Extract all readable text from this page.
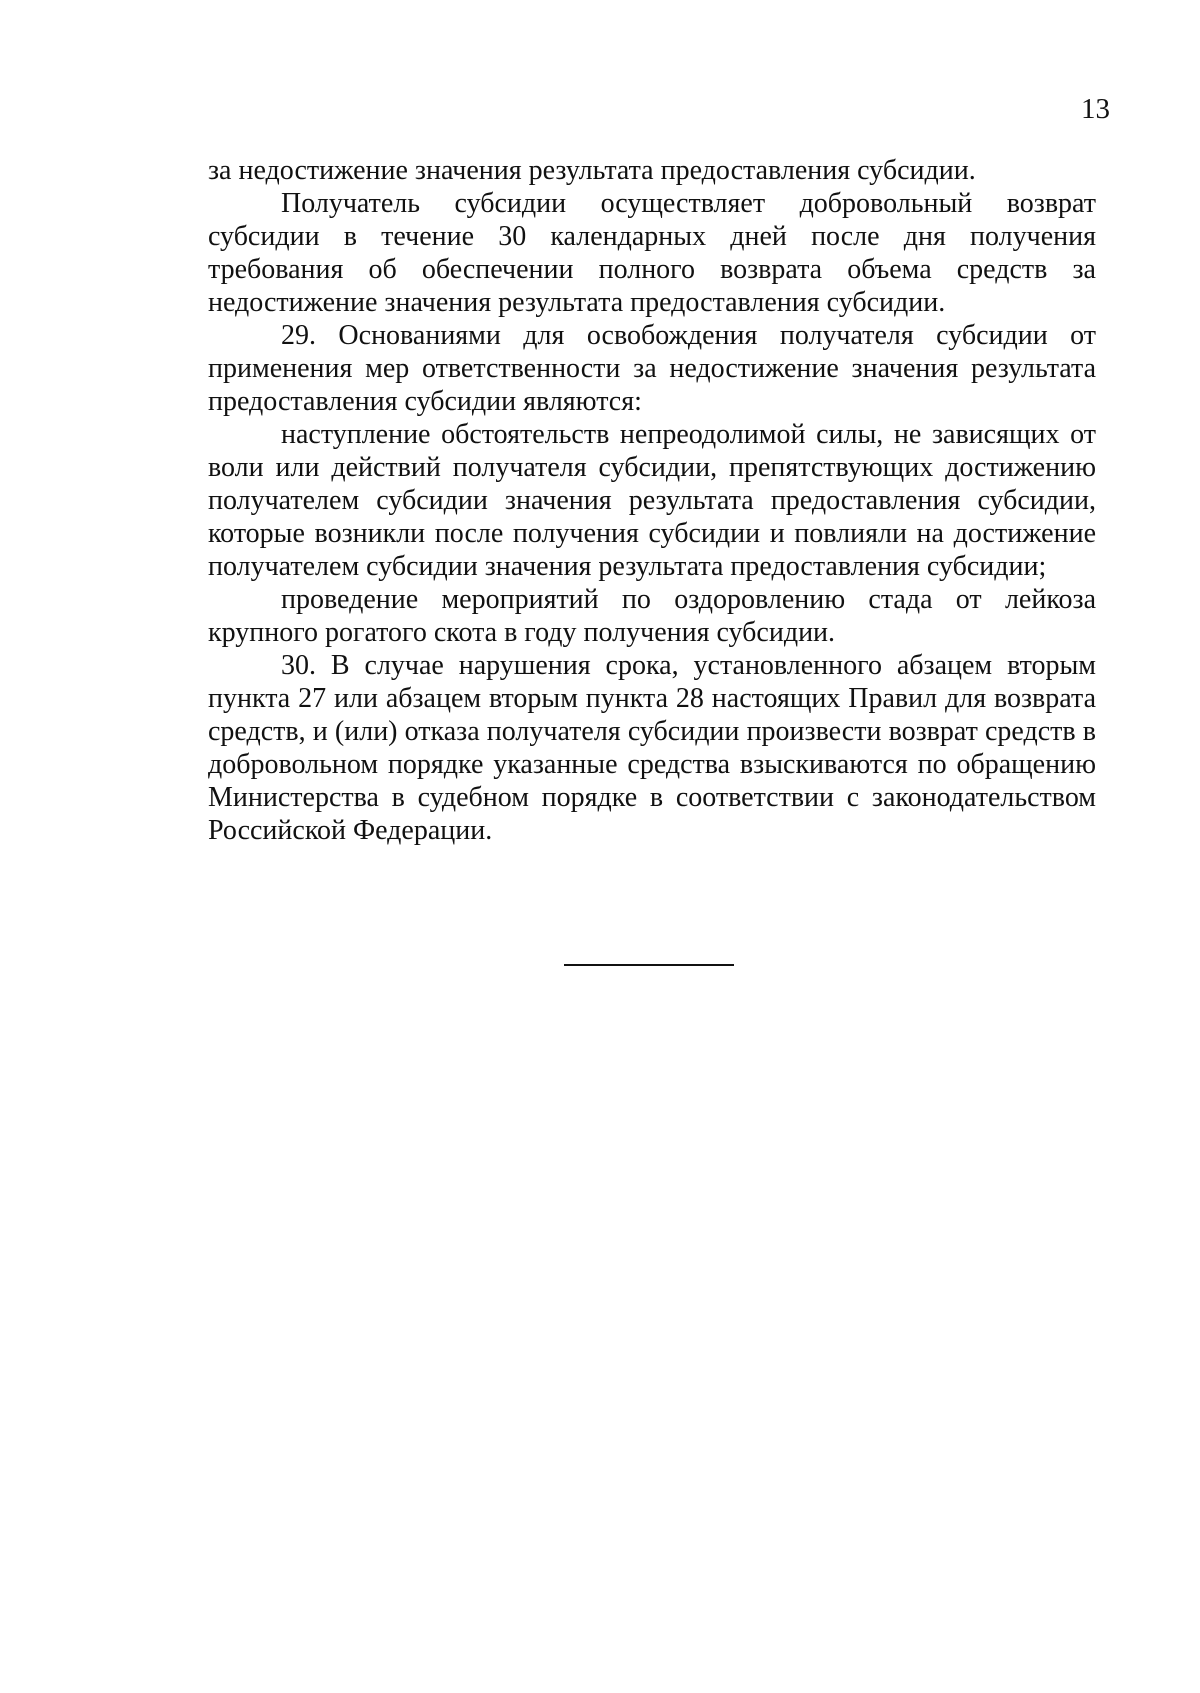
13

за недостижение значения результата предоставления субсидии.

Получатель субсидии осуществляет добровольный возврат субсидии в течение 30 календарных дней после дня получения требования об обеспечении полного возврата объема средств за недостижение значения результата предоставления субсидии.

29. Основаниями для освобождения получателя субсидии от применения мер ответственности за недостижение значения результата предоставления субсидии являются:

наступление обстоятельств непреодолимой силы, не зависящих от воли или действий получателя субсидии, препятствующих достижению получателем субсидии значения результата предоставления субсидии, которые возникли после получения субсидии и повлияли на достижение получателем субсидии значения результата предоставления субсидии;

проведение мероприятий по оздоровлению стада от лейкоза крупного рогатого скота в году получения субсидии.

30. В случае нарушения срока, установленного абзацем вторым пункта 27 или абзацем вторым пункта 28 настоящих Правил для возврата средств, и (или) отказа получателя субсидии произвести возврат средств в добровольном порядке указанные средства взыскиваются по обращению Министерства в судебном порядке в соответствии с законодательством Российской Федерации.
